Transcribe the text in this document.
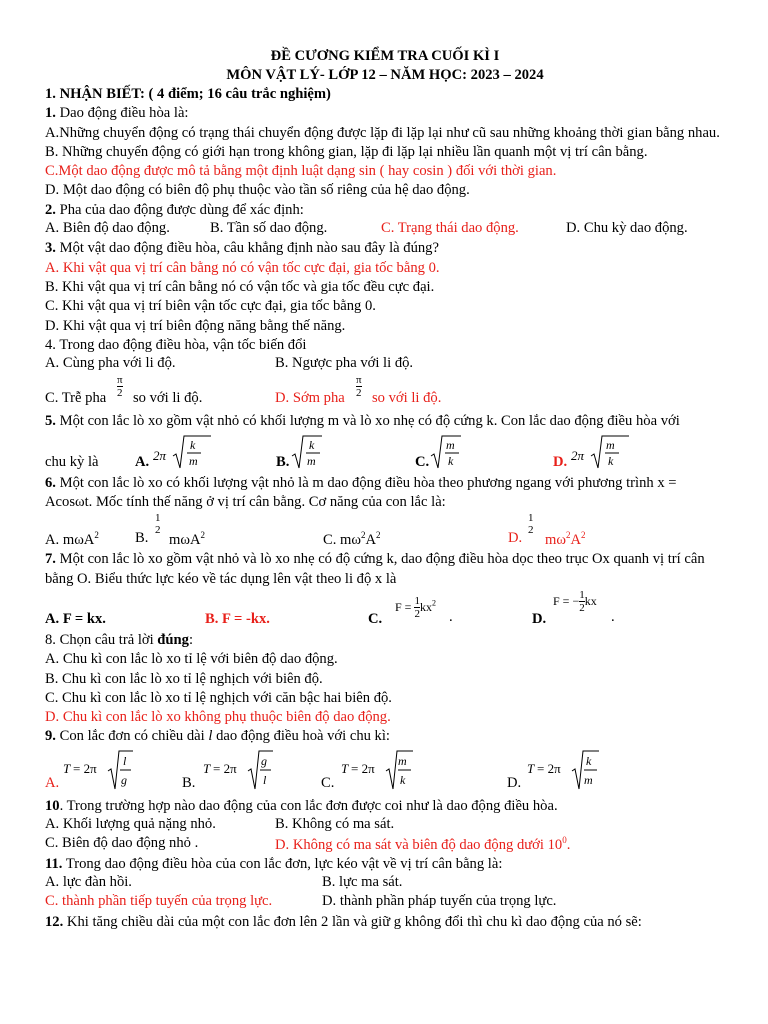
ĐỀ CƯƠNG KIỂM TRA CUỐI KÌ I
MÔN VẬT LÝ- LỚP 12 – NĂM HỌC: 2023 – 2024
1. NHẬN BIẾT: ( 4 điểm; 16 câu trắc nghiệm)
1. Dao động điều hòa là:
A.Những chuyển động có trạng thái chuyển động được lặp đi lặp lại như cũ sau những khoảng thời gian bằng nhau.
B. Những chuyển động có giới hạn trong không gian, lặp đi lặp lại nhiều lần quanh một vị trí cân bằng.
C.Một dao động được mô tả bằng một định luật dạng sin ( hay cosin ) đối với thời gian.
D. Một dao động có biên độ phụ thuộc vào tần số riêng của hệ dao động.
2. Pha của dao động được dùng để xác định:
A. Biên độ dao động.	B. Tần số dao động.	C. Trạng thái dao động.	D. Chu kỳ dao động.
3. Một vật dao động điều hòa, câu khẳng định nào sau đây là đúng?
A. Khi vật qua vị trí cân bằng nó có vận tốc cực đại, gia tốc bằng 0.
B. Khi vật qua vị trí cân bằng nó có vận tốc và gia tốc đều cực đại.
C. Khi vật qua vị trí biên vận tốc cực đại, gia tốc bằng 0.
D. Khi vật qua vị trí biên động năng bằng thế năng.
4. Trong dao động điều hòa, vận tốc biến đổi
A. Cùng pha với li độ.	B. Ngược pha với li độ.
C. Trễ pha
π
2 so với li độ.	D. Sớm pha
π
2 so với li độ.
5. Một con lắc lò xo gồm vật nhỏ có khối lượng m và lò xo nhẹ có độ cứng k. Con lắc dao động điều hòa với
chu kỳ là	A. 2π
k
m	B.
k
m	C.
m
k	D. 2π
m
k
6. Một con lắc lò xo có khối lượng vật nhỏ là m dao động điều hòa theo phương ngang với phương trình x = Acosωt. Mốc tính thế năng ở vị trí cân bằng. Cơ năng của con lắc là:
A. mωA$^2$ B.
1
2
mωA$^2$	C. $m\omega^2A^2$	D.
1
2
$m\omega^2A^2$
7. Một con lắc lò xo gồm vật nhỏ và lò xo nhẹ có độ cứng k, dao động điều hòa dọc theo trục Ox quanh vị trí cân bằng O. Biểu thức lực kéo về tác dụng lên vật theo li độ x là
A. F = kx.	B. F = -kx.	C.
$F = \frac{1}{2} kx^2$
.	D.
F = − $\frac{1}{2}$ kx
.
8. Chọn câu trả lời đúng:
A. Chu kì con lắc lò xo tỉ lệ với biên độ dao động.
B. Chu kì con lắc lò xo tỉ lệ nghịch với biên độ.
C. Chu kì con lắc lò xo tỉ lệ nghịch với căn bậc hai biên độ.
D. Chu kì con lắc lò xo không phụ thuộc biên độ dao động.
9. Con lắc đơn có chiều dài l dao động điều hoà với chu kì:
A.
T = 2π l
g	B.
T = 2π g
l	C.
T = 2π m
k	D.
T = 2π k
m
10. Trong trường hợp nào dao động của con lắc đơn được coi như là dao động điều hòa.
A. Khối lượng quả nặng nhỏ.	B. Không có ma sát.
C. Biên độ dao động nhỏ .	D. Không có ma sát và biên độ dao động dưới $10^0$.
11. Trong dao động điều hòa của con lắc đơn, lực kéo vật về vị trí cân bằng là:
A. lực đàn hồi.	B. lực ma sát.
C. thành phần tiếp tuyến của trọng lực.	D. thành phần pháp tuyến của trọng lực.
12. Khi tăng chiều dài của một con lắc đơn lên 2 lần và giữ g không đổi thì chu kì dao động của nó sẽ:
